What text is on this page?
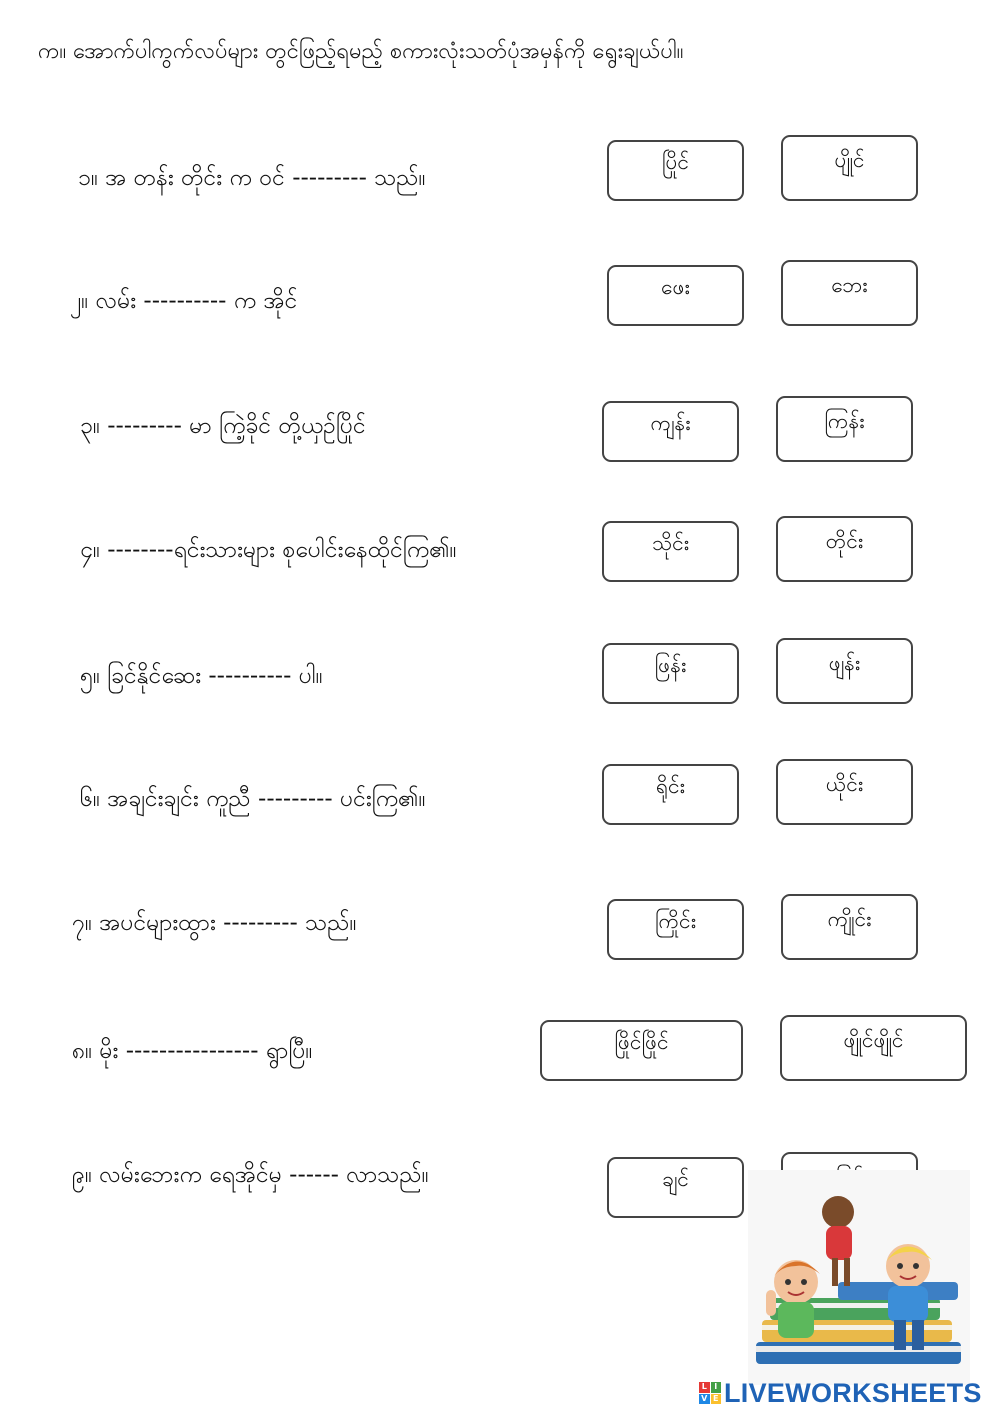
က။ အောက်ပါကွက်လပ်များ တွင်ဖြည့်ရမည့် စကားလုံးသတ်ပုံအမှန်ကို ရွေးချယ်ပါ။
၁။ အ တန်း တိုင်း က ဝင် --------- သည်။
ပြိုင်	ပျိုင်
၂။ လမ်း ---------- က အိုင်
ဖေး	ဘေး
၃။ --------- မာ ကြဲ့ခိုင် တို့ယှဉ်ပြိုင်	ကျန်း	ကြန်း
၄။ --------ရင်းသားများ စုပေါင်းနေထိုင်ကြ၏။	သိုင်း	တိုင်း
၅။ ခြင်နိုင်ဆေး ---------- ပါ။	ဖြန်း	ဖျန်း
၆။ အချင်းချင်း ကူညီ --------- ပင်းကြ၏။	ရိုင်း	ယိုင်း
၇။ အပင်များထွား --------- သည်။	ကြိုင်း	ကျိုင်း
၈။ မိုး ---------------- ရွာပြီ။	ဖြိုင်ဖြိုင်	ဖျိုင်ဖျိုင်
၉။ လမ်းဘေးက ရေအိုင်မှ ------ လာသည်။	ချင်
L I
V E LIVEWORKSHEETS
